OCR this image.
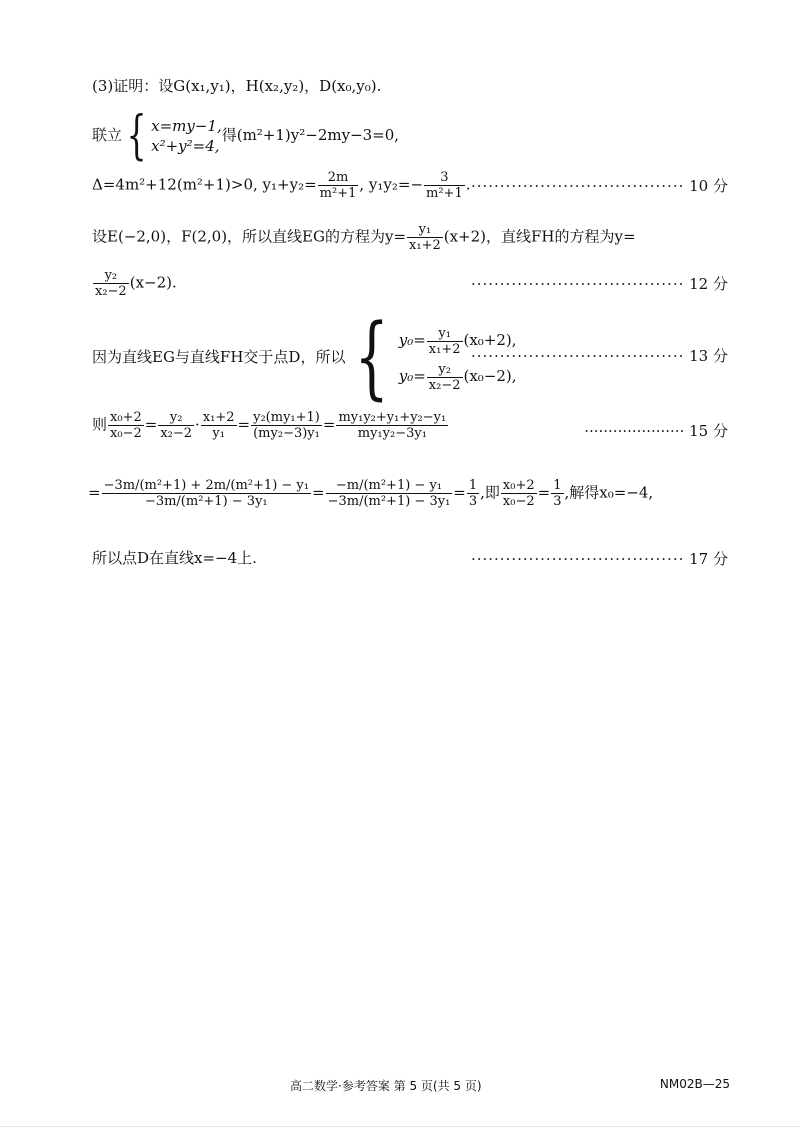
(3)证明：设G(x₁,y₁)，H(x₂,y₂)，D(x₀,y₀).
联立{ x=my−1,
x²+y²=4,
得(m²+1)y²−2my−3=0,
Δ=4m²+12(m²+1)>0, $y_1+y_2= \frac{2m}{\text{m²+1}}$ , $y_1y_2=- \frac{3}{\text{m²+1}}$ . ····································· 10 分
设E(−2,0)，F(2,0)，所以直线EG的方程为$y= \frac{\text{y₁}}{\text{x₁+2}} (x+2)$，直线FH的方程为y=
$\frac{\text{y₂}}{\text{x₂−2}} (x-2)$.	····································· 12 分
因为直线EG与直线FH交于点D，所以 { $y_0= \frac{\text{y₁}}{\text{x₁+2}} (x_0+2)$,
$y_0= \frac{\text{y₂}}{\text{x₂−2}} (x_0-2)$,
····································· 13 分
则 $\frac{\text{x₀+2}}{\text{x₀−2}} = \frac{\text{y₂}}{\text{x₂−2}} \cdot \frac{\text{x₁+2}}{\text{y₁}} = \frac{\text{y₂(my₁+1)}}{\text{(my₂−3)y₁}} = \frac{\text{my₁y₂+y₁+y₂−y₁}}{\text{my₁y₂−3y₁}}$	····················· 15 分
= $\frac{\text{−3m/(m²+1) + 2m/(m²+1) − y₁}}{\text{−3m/(m²+1) − 3y₁}} = \frac{\text{−m/(m²+1) − y₁}}{\text{−3m/(m²+1) − 3y₁}} = \frac{1}{3}$ ,即 $\frac{\text{x₀+2}}{\text{x₀−2}} = \frac{1}{3}$ ,解得x₀=−4,
所以点D在直线x=−4上.	····································· 17 分
高二数学·参考答案 第 5 页(共 5 页)	NM02B—25
